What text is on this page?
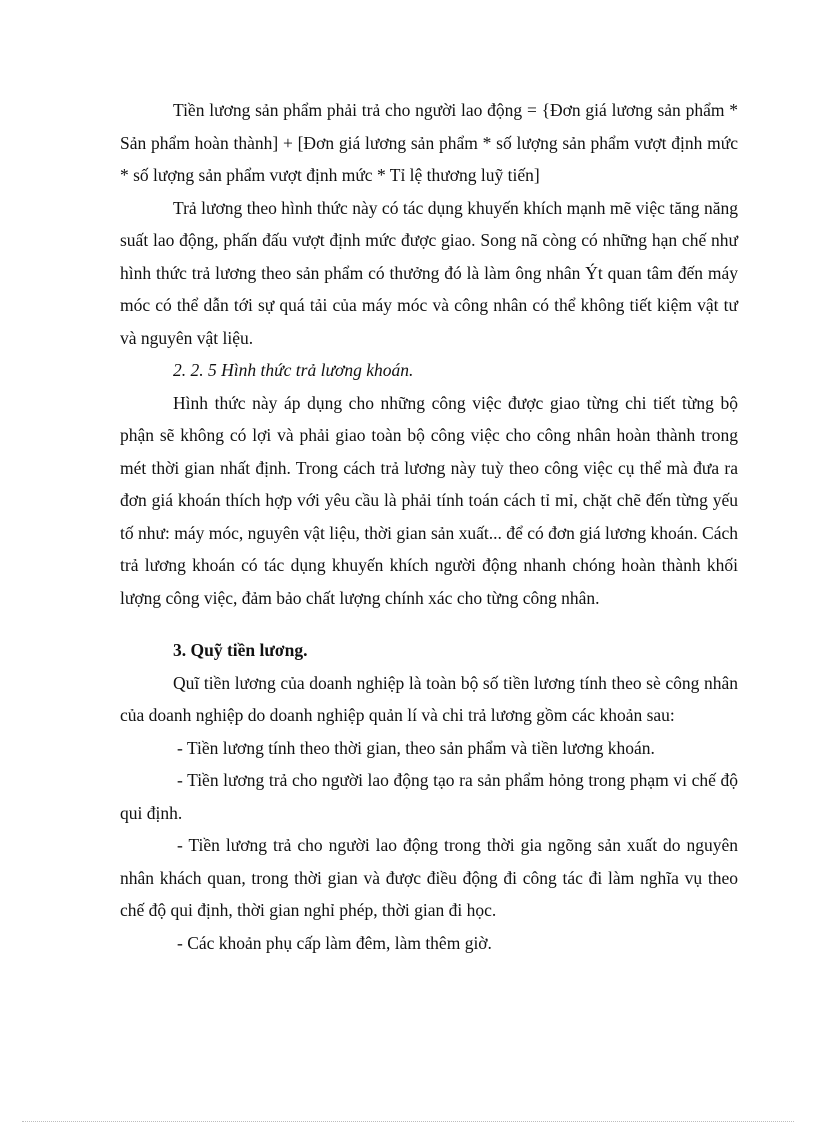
Tiền lương sản phẩm phải trả cho người lao động = {Đơn giá lương sản phẩm * Sản phẩm hoàn thành] + [Đơn giá lương sản phẩm * số lượng sản phẩm vượt định mức * số lượng sản phẩm vượt định mức * Tỉ lệ thương luỹ tiến]

Trả lương theo hình thức này có tác dụng khuyến khích mạnh mẽ việc tăng năng suất lao động, phấn đấu vượt định mức được giao. Song nã còng có những hạn chế như hình thức trả lương theo sản phẩm có thưởng đó là làm ông nhân Ýt quan tâm đến máy móc có thể dẫn tới sự quá tải của máy móc và công nhân có thể không tiết kiệm vật tư và nguyên vật liệu.

2. 2. 5 Hình thức trả lương khoán.

Hình thức này áp dụng cho những công việc được giao từng chi tiết từng bộ phận sẽ không có lợi và phải giao toàn bộ công việc cho công nhân hoàn thành trong mét thời gian nhất định. Trong cách trả lương này tuỳ theo công việc cụ thể mà đưa ra đơn giá khoán thích hợp với yêu cầu là phải tính toán cách tỉ mỉ, chặt chẽ đến từng yếu tố như: máy móc, nguyên vật liệu, thời gian sản xuất... để có đơn giá lương khoán. Cách trả lương khoán có tác dụng khuyến khích người động nhanh chóng hoàn thành khối lượng công việc, đảm bảo chất lượng chính xác cho từng công nhân.

3. Quỹ tiền lương.

Quĩ tiền lương của doanh nghiệp là toàn bộ số tiền lương tính theo sè công nhân của doanh nghiệp do doanh nghiệp quản lí và chi trả lương gồm các khoản sau:

- Tiền lương tính theo thời gian, theo sản phẩm và tiền lương khoán.

- Tiền lương trả cho người lao động tạo ra sản phẩm hỏng trong phạm vi chế độ qui định.

- Tiền lương trả cho người lao động trong thời gia ngõng sản xuất do nguyên nhân khách quan, trong thời gian và được điều động đi công tác đi làm nghĩa vụ theo chế độ qui định, thời gian nghỉ phép, thời gian đi học.

- Các khoản phụ cấp làm đêm, làm thêm giờ.
